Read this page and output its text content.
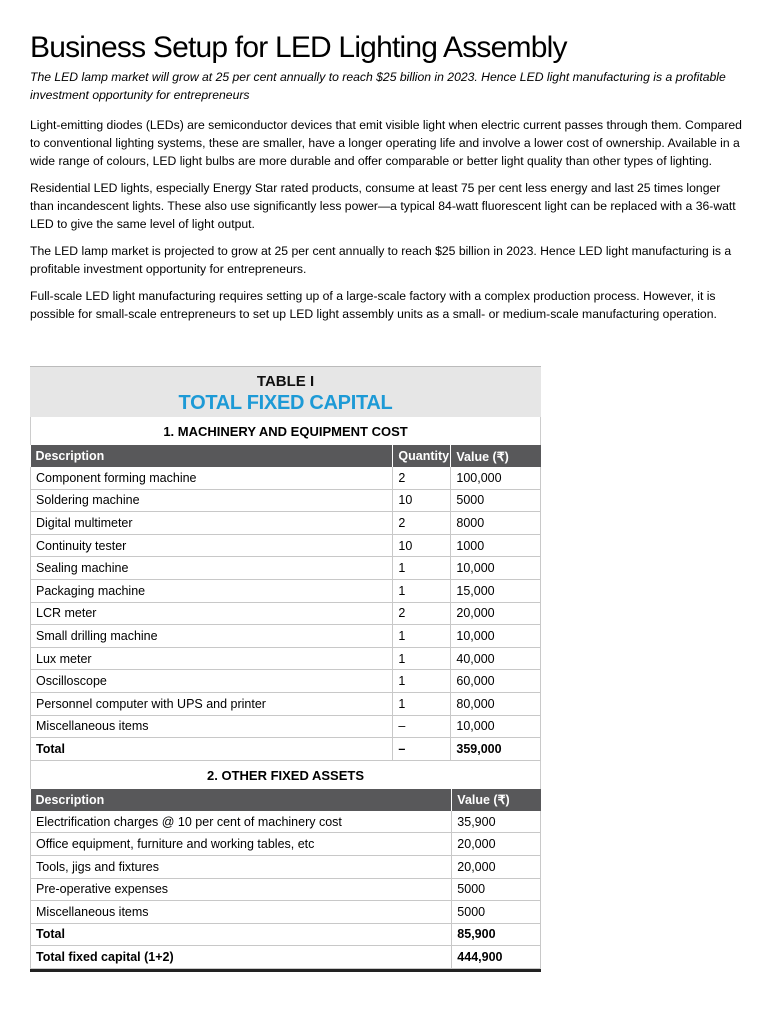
Business Setup for LED Lighting Assembly

The LED lamp market will grow at 25 per cent annually to reach $25 billion in 2023. Hence LED light manufacturing is a profitable investment opportunity for entrepreneurs

Light-emitting diodes (LEDs) are semiconductor devices that emit visible light when electric current passes through them. Compared to conventional lighting systems, these are smaller, have a longer operating life and involve a lower cost of ownership. Available in a wide range of colours, LED light bulbs are more durable and offer comparable or better light quality than other types of lighting.

Residential LED lights, especially Energy Star rated products, consume at least 75 per cent less energy and last 25 times longer than incandescent lights. These also use significantly less power—a typical 84-watt fluorescent light can be replaced with a 36-watt LED to give the same level of light output.

The LED lamp market is projected to grow at 25 per cent annually to reach $25 billion in 2023. Hence LED light manufacturing is a profitable investment opportunity for entrepreneurs.

Full-scale LED light manufacturing requires setting up of a large-scale factory with a complex production process. However, it is possible for small-scale entrepreneurs to set up LED light assembly units as a small- or medium-scale manufacturing operation.

TABLE I
TOTAL FIXED CAPITAL
1. MACHINERY AND EQUIPMENT COST
Description	Quantity	Value (₹)
Component forming machine	2	100,000
Soldering machine	10	5000
Digital multimeter	2	8000
Continuity tester	10	1000
Sealing machine	1	10,000
Packaging machine	1	15,000
LCR meter	2	20,000
Small drilling machine	1	10,000
Lux meter	1	40,000
Oscilloscope	1	60,000
Personnel computer with UPS and printer	1	80,000
Miscellaneous items	–	10,000
Total	–	359,000
2. OTHER FIXED ASSETS
Description	Value (₹)
Electrification charges @ 10 per cent of machinery cost	35,900
Office equipment, furniture and working tables, etc	20,000
Tools, jigs and fixtures	20,000
Pre-operative expenses	5000
Miscellaneous items	5000
Total	85,900
Total fixed capital (1+2)	444,900
